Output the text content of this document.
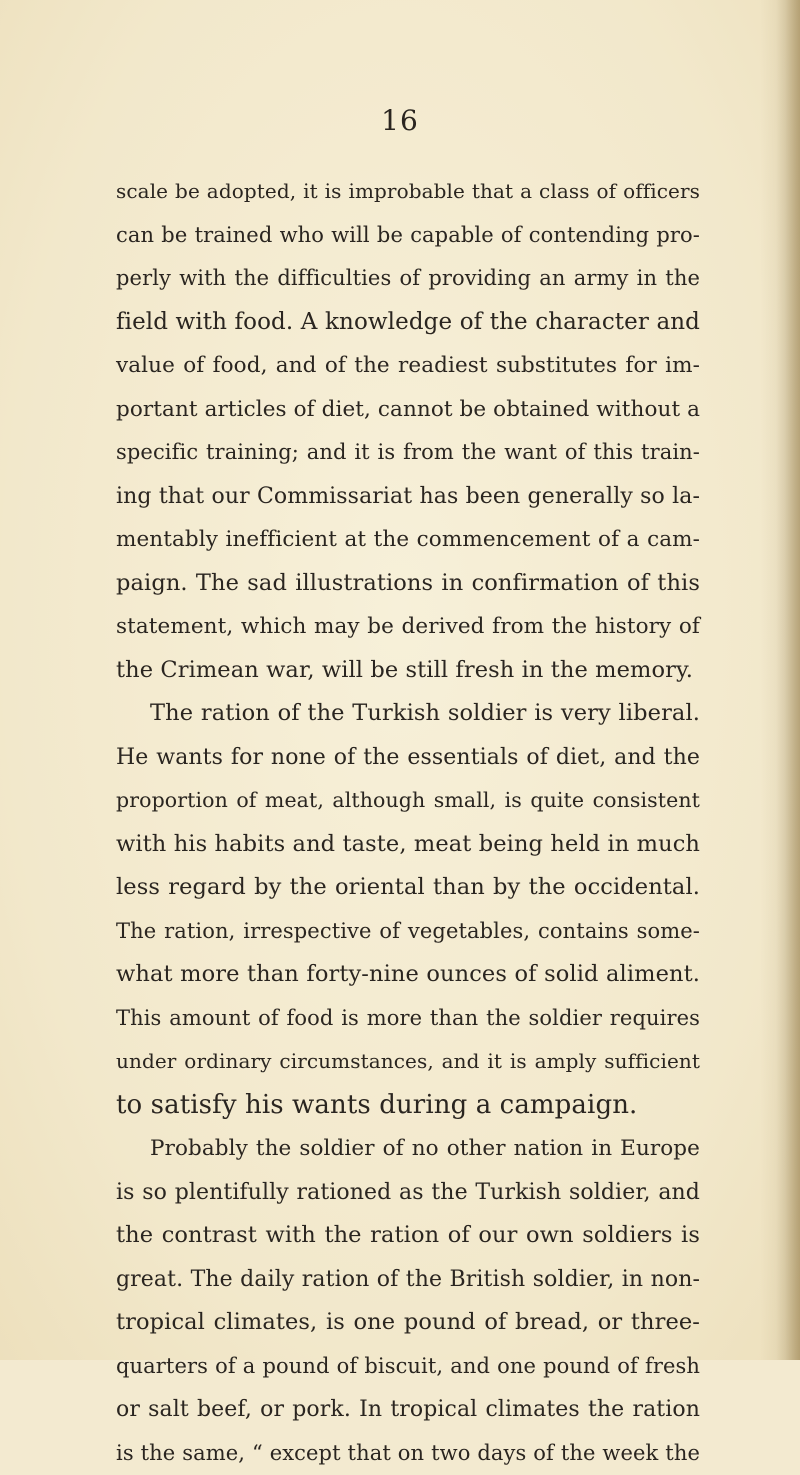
16
scale be adopted, it is improbable that a class of officers
can be trained who will be capable of contending pro-
perly with the difficulties of providing an army in the
field with food. A knowledge of the character and
value of food, and of the readiest substitutes for im-
portant articles of diet, cannot be obtained without a
specific training; and it is from the want of this train-
ing that our Commissariat has been generally so la-
mentably inefficient at the commencement of a cam-
paign. The sad illustrations in confirmation of this
statement, which may be derived from the history of
the Crimean war, will be still fresh in the memory.
The ration of the Turkish soldier is very liberal.
He wants for none of the essentials of diet, and the
proportion of meat, although small, is quite consistent
with his habits and taste, meat being held in much
less regard by the oriental than by the occidental.
The ration, irrespective of vegetables, contains some-
what more than forty-nine ounces of solid aliment.
This amount of food is more than the soldier requires
under ordinary circumstances, and it is amply sufficient
to satisfy his wants during a campaign.
Probably the soldier of no other nation in Europe
is so plentifully rationed as the Turkish soldier, and
the contrast with the ration of our own soldiers is
great. The daily ration of the British soldier, in non-
tropical climates, is one pound of bread, or three-
quarters of a pound of biscuit, and one pound of fresh
or salt beef, or pork. In tropical climates the ration
is the same, “ except that on two days of the week the
